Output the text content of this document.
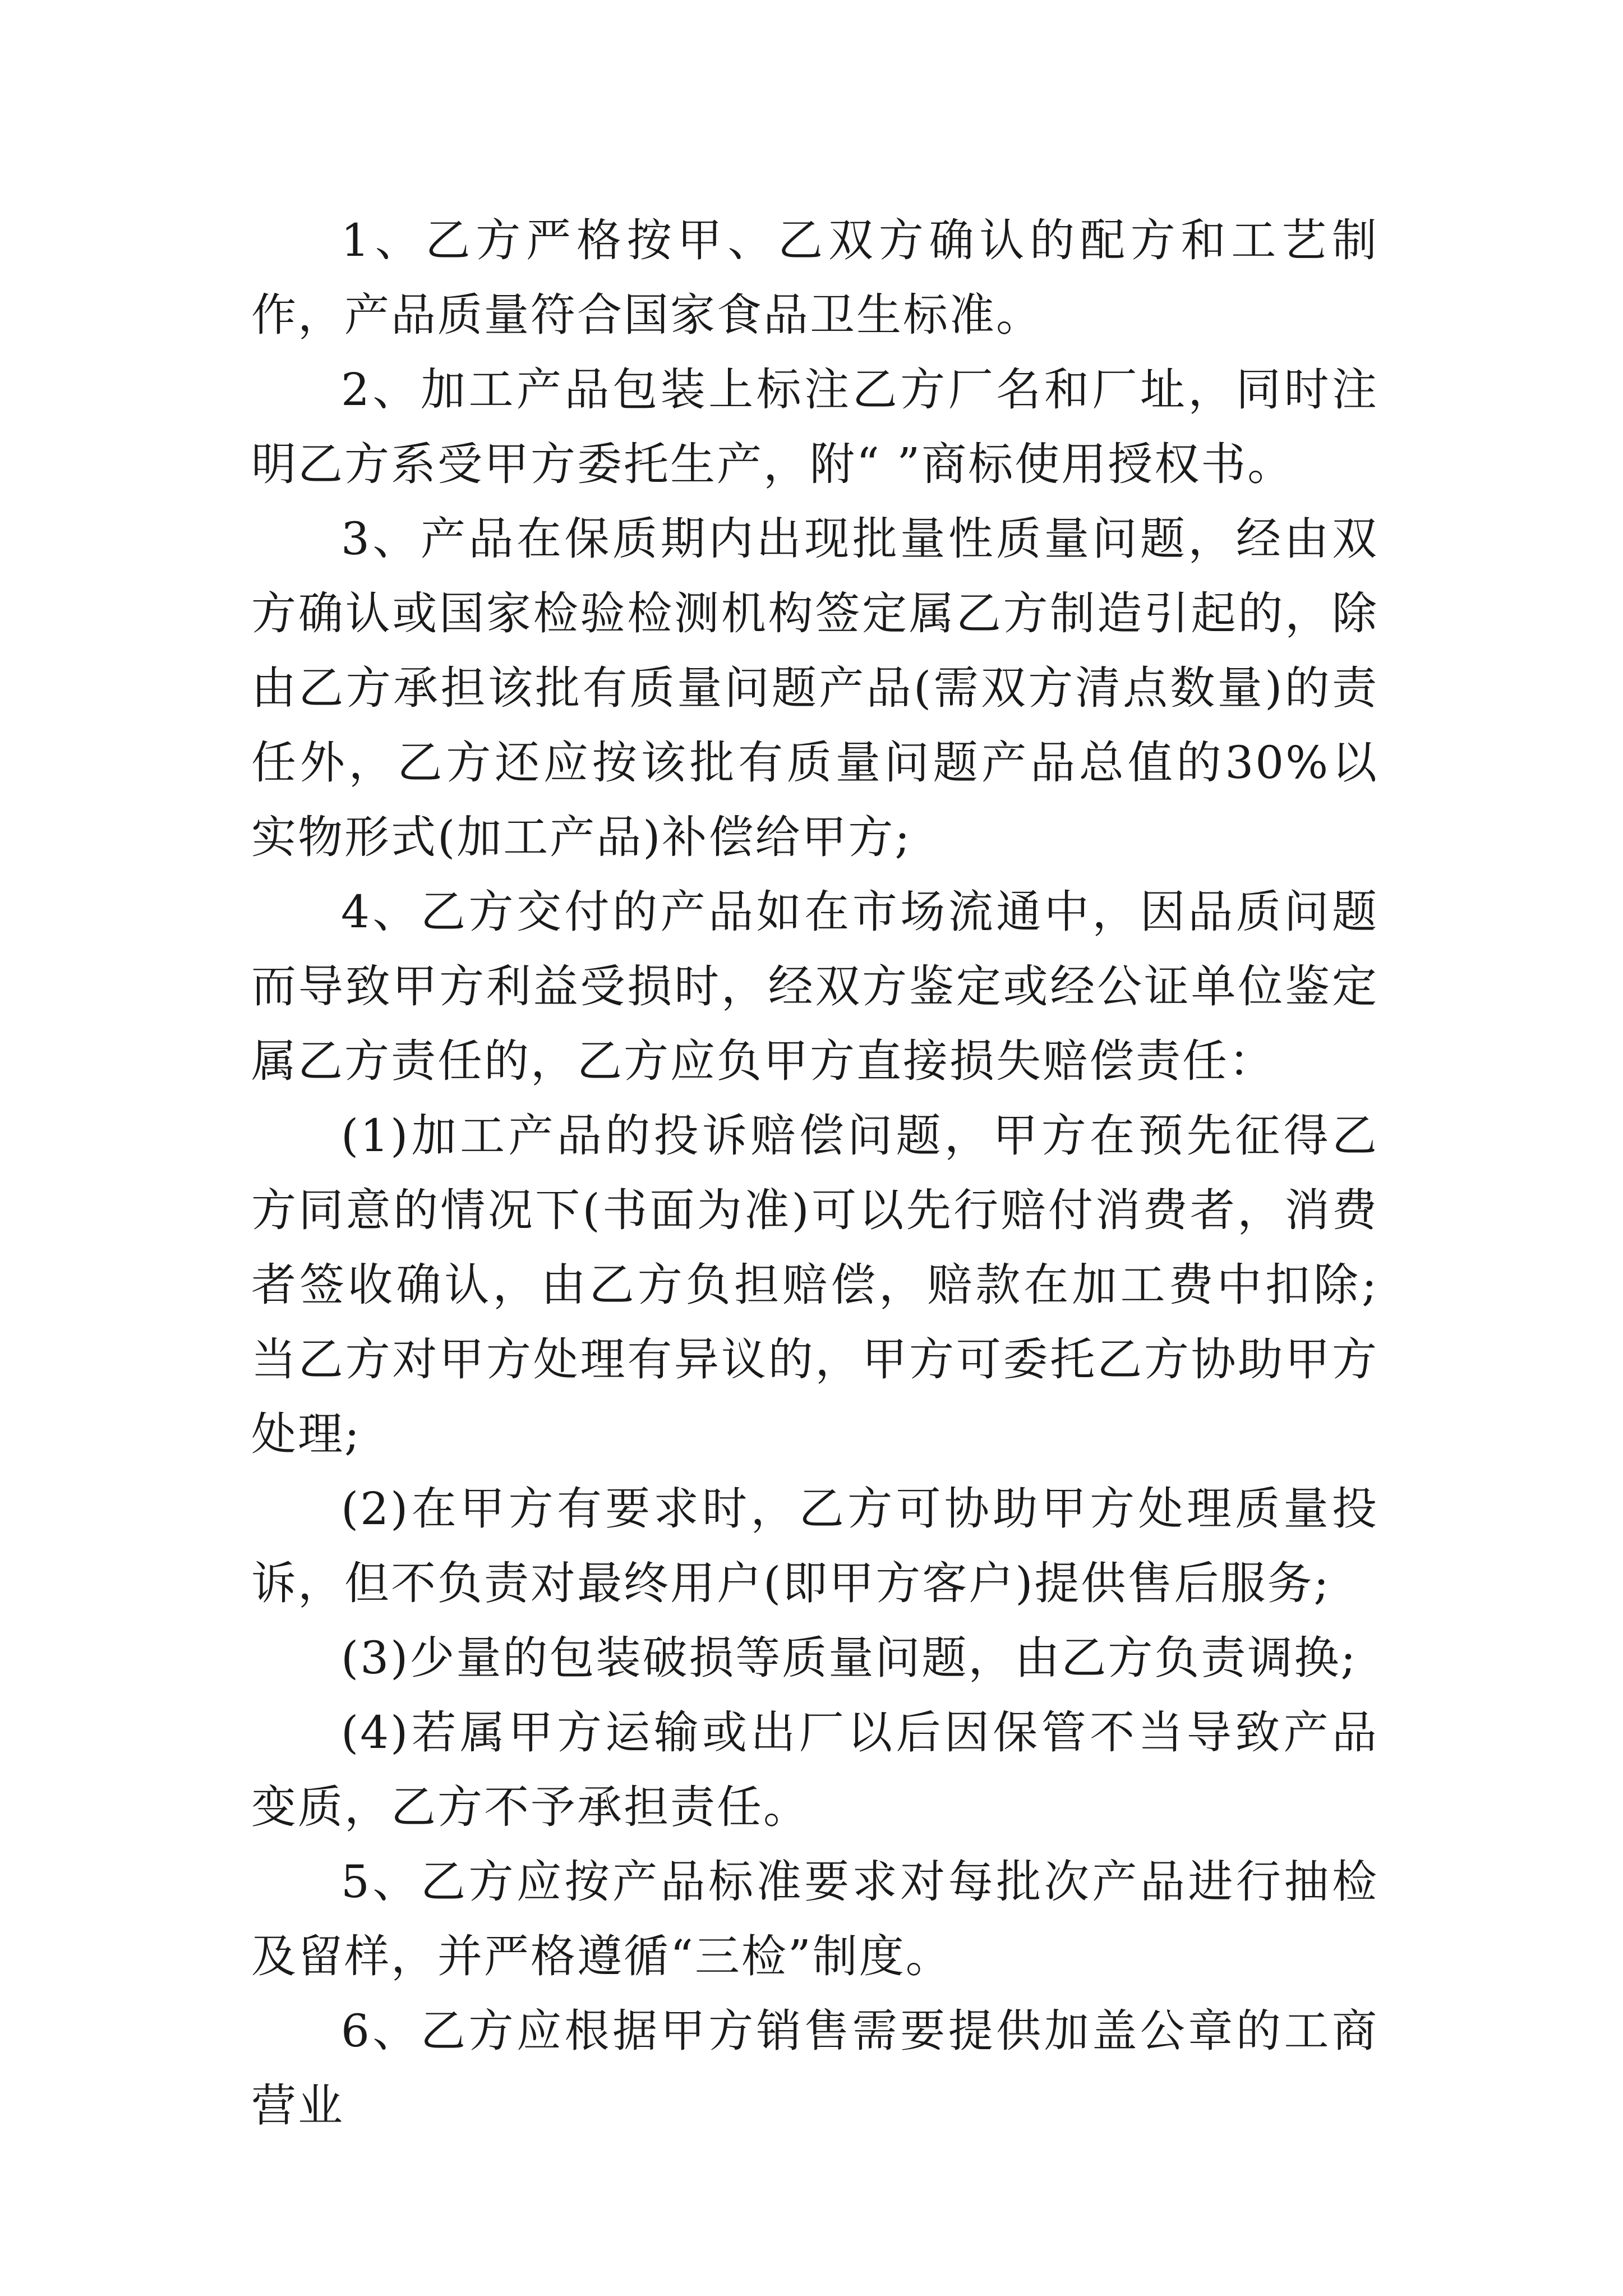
1、乙方严格按甲、乙双方确认的配方和工艺制作，产品质量符合国家食品卫生标准。

2、加工产品包装上标注乙方厂名和厂址，同时注明乙方系受甲方委托生产，附“ ”商标使用授权书。

3、产品在保质期内出现批量性质量问题，经由双方确认或国家检验检测机构签定属乙方制造引起的，除由乙方承担该批有质量问题产品(需双方清点数量)的责任外，乙方还应按该批有质量问题产品总值的30%以实物形式(加工产品)补偿给甲方;

4、乙方交付的产品如在市场流通中，因品质问题而导致甲方利益受损时，经双方鉴定或经公证单位鉴定属乙方责任的，乙方应负甲方直接损失赔偿责任：

(1)加工产品的投诉赔偿问题，甲方在预先征得乙方同意的情况下(书面为准)可以先行赔付消费者，消费者签收确认，由乙方负担赔偿，赔款在加工费中扣除;当乙方对甲方处理有异议的，甲方可委托乙方协助甲方处理;

(2)在甲方有要求时，乙方可协助甲方处理质量投诉，但不负责对最终用户(即甲方客户)提供售后服务;

(3)少量的包装破损等质量问题，由乙方负责调换;

(4)若属甲方运输或出厂以后因保管不当导致产品变质，乙方不予承担责任。

5、乙方应按产品标准要求对每批次产品进行抽检及留样，并严格遵循“三检”制度。

6、乙方应根据甲方销售需要提供加盖公章的工商营业
